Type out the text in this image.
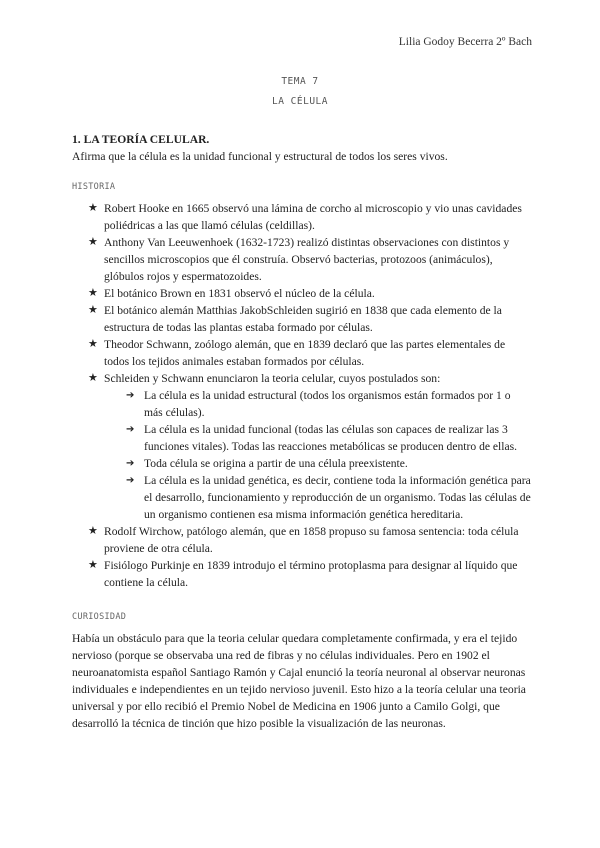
Lilia Godoy Becerra 2º Bach
TEMA 7
LA CÉLULA
1. LA TEORÍA CELULAR.
Afirma que la célula es la unidad funcional y estructural de todos los seres vivos.
HISTORIA
★ Robert Hooke en 1665 observó una lámina de corcho al microscopio y vio unas cavidades poliédricas a las que llamó células (celdillas).
★ Anthony Van Leeuwenhoek (1632-1723) realizó distintas observaciones con distintos y sencillos microscopios que él construía. Observó bacterias, protozoos (animáculos), glóbulos rojos y espermatozoides.
★ El botánico Brown en 1831 observó el núcleo de la célula.
★ El botánico alemán Matthias JakobSchleiden sugirió en 1838 que cada elemento de la estructura de todas las plantas estaba formado por células.
★ Theodor Schwann, zoólogo alemán, que en 1839 declaró que las partes elementales de todos los tejidos animales estaban formados por células.
★ Schleiden y Schwann enunciaron la teoria celular, cuyos postulados son:
➔ La célula es la unidad estructural (todos los organismos están formados por 1 o más células).
➔ La célula es la unidad funcional (todas las células son capaces de realizar las 3 funciones vitales). Todas las reacciones metabólicas se producen dentro de ellas.
➔ Toda célula se origina a partir de una célula preexistente.
➔ La célula es la unidad genética, es decir, contiene toda la información genética para el desarrollo, funcionamiento y reproducción de un organismo. Todas las células de un organismo contienen esa misma información genética hereditaria.
★ Rodolf Wirchow, patólogo alemán, que en 1858 propuso su famosa sentencia: toda célula proviene de otra célula.
★ Fisiólogo Purkinje en 1839 introdujo el término protoplasma para designar al líquido que contiene la célula.
CURIOSIDAD
Había un obstáculo para que la teoria celular quedara completamente confirmada, y era el tejido nervioso (porque se observaba una red de fibras y no células individuales. Pero en 1902 el neuroanatomista español Santiago Ramón y Cajal enunció la teoría neuronal al observar neuronas individuales e independientes en un tejido nervioso juvenil. Esto hizo a la teoría celular una teoria universal y por ello recibió el Premio Nobel de Medicina en 1906 junto a Camilo Golgi, que desarrolló la técnica de tinción que hizo posible la visualización de las neuronas.
